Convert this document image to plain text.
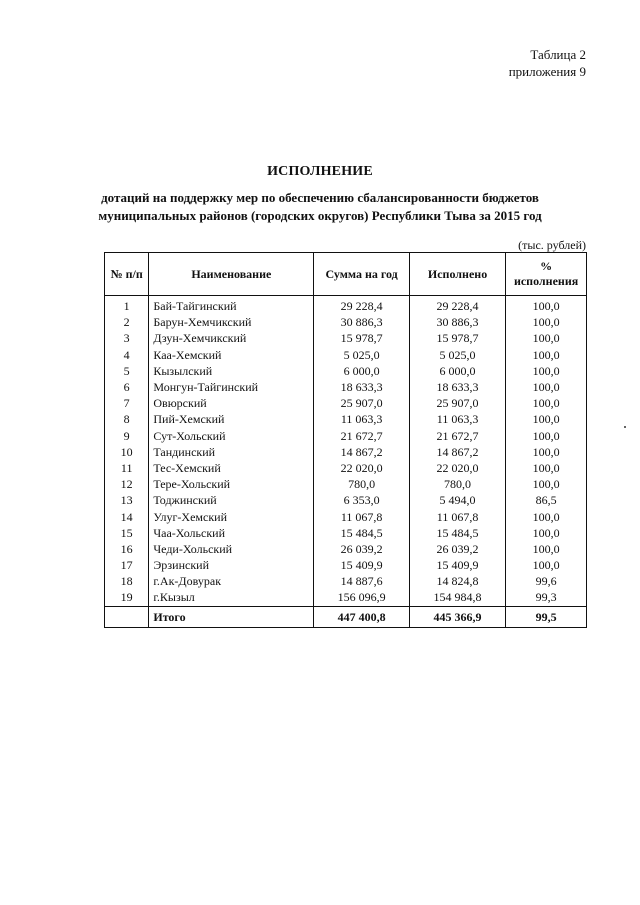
Таблица 2
приложения 9
ИСПОЛНЕНИЕ
дотаций на поддержку мер по обеспечению сбалансированности бюджетов
муниципальных районов (городских округов) Республики Тыва за 2015 год
(тыс. рублей)
№ п/п	Наименование	Сумма на год	Исполнено	%
исполнения

1	Бай-Тайгинский	29 228,4	29 228,4	100,0
2	Барун-Хемчикский	30 886,3	30 886,3	100,0
3	Дзун-Хемчикский	15 978,7	15 978,7	100,0
4	Каа-Хемский	5 025,0	5 025,0	100,0
5	Кызылский	6 000,0	6 000,0	100,0
6	Монгун-Тайгинский	18 633,3	18 633,3	100,0
7	Овюрский	25 907,0	25 907,0	100,0
8	Пий-Хемский	11 063,3	11 063,3	100,0
9	Сут-Хольский	21 672,7	21 672,7	100,0
10	Тандинский	14 867,2	14 867,2	100,0
11	Тес-Хемский	22 020,0	22 020,0	100,0
12	Тере-Хольский	780,0	780,0	100,0
13	Тоджинский	6 353,0	5 494,0	86,5
14	Улуг-Хемский	11 067,8	11 067,8	100,0
15	Чаа-Хольский	15 484,5	15 484,5	100,0
16	Чеди-Хольский	26 039,2	26 039,2	100,0
17	Эрзинский	15 409,9	15 409,9	100,0
18	г.Ак-Довурак	14 887,6	14 824,8	99,6
19	г.Кызыл	156 096,9	154 984,8	99,3
	Итого	447 400,8	445 366,9	99,5
